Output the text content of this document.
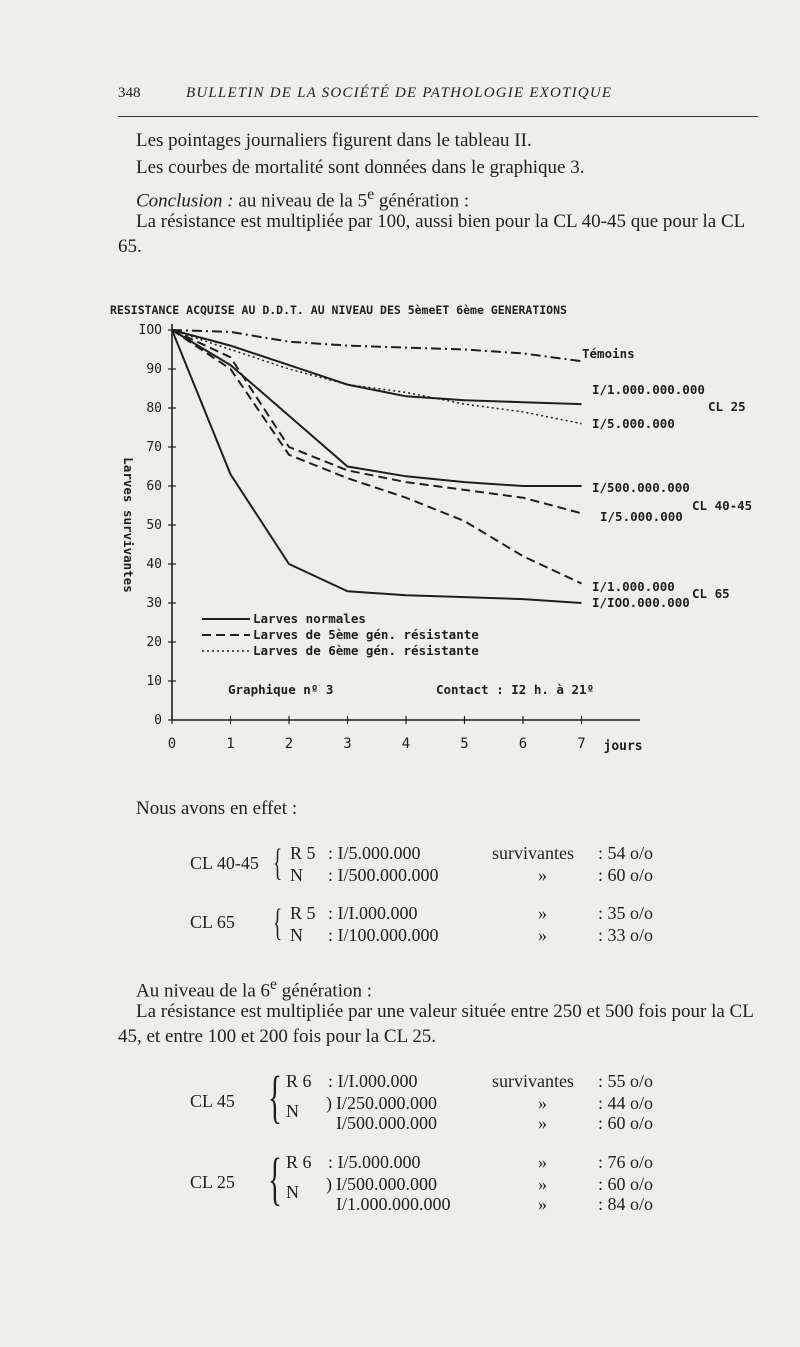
348	BULLETIN DE LA SOCIÉTÉ DE PATHOLOGIE EXOTIQUE

Les pointages journaliers figurent dans le tableau II.

Les courbes de mortalité sont données dans le graphique 3.

Conclusion : au niveau de la 5e génération :

La résistance est multipliée par 100, aussi bien pour la CL 40-45 que pour la CL 65.

RESISTANCE ACQUISE AU D.D.T. AU NIVEAU DES 5èmeET 6ème GENERATIONS
0
10
20
30
40
50
60
70
80
90
IOO
0	1	2	3	4	5	6	7 jours
Larves survivantes
Témoins
I/1.000.000.000
I/5.000.000
I/500.000.000
I/5.000.000
I/1.000.000
I/IOO.000.000
CL 25
CL 40-45
CL 65
Larves normales
Larves de 5ème gén. résistante
Larves de 6ème gén. résistante
Graphique nº 3	Contact : I2 h. à 21º

Nous avons en effet :

CL 40-45 { R 5 : I/5.000.000	survivantes : 54 o/o
N : I/500.000.000	»	: 60 o/o
CL 65 { R 5 : I/I.000.000	»	: 35 o/o
N : I/100.000.000	»	: 33 o/o

Au niveau de la 6e génération :

La résistance est multipliée par une valeur située entre 250 et 500 fois pour la CL 45, et entre 100 et 200 fois pour la CL 25.

CL 45 { R 6 : I/I.000.000	survivantes : 55 o/o
N ) I/250.000.000	»	: 44 o/o
I/500.000.000	»	: 60 o/o
CL 25 { R 6 : I/5.000.000	»	: 76 o/o
N ) I/500.000.000	»	: 60 o/o
I/1.000.000.000	»	: 84 o/o
